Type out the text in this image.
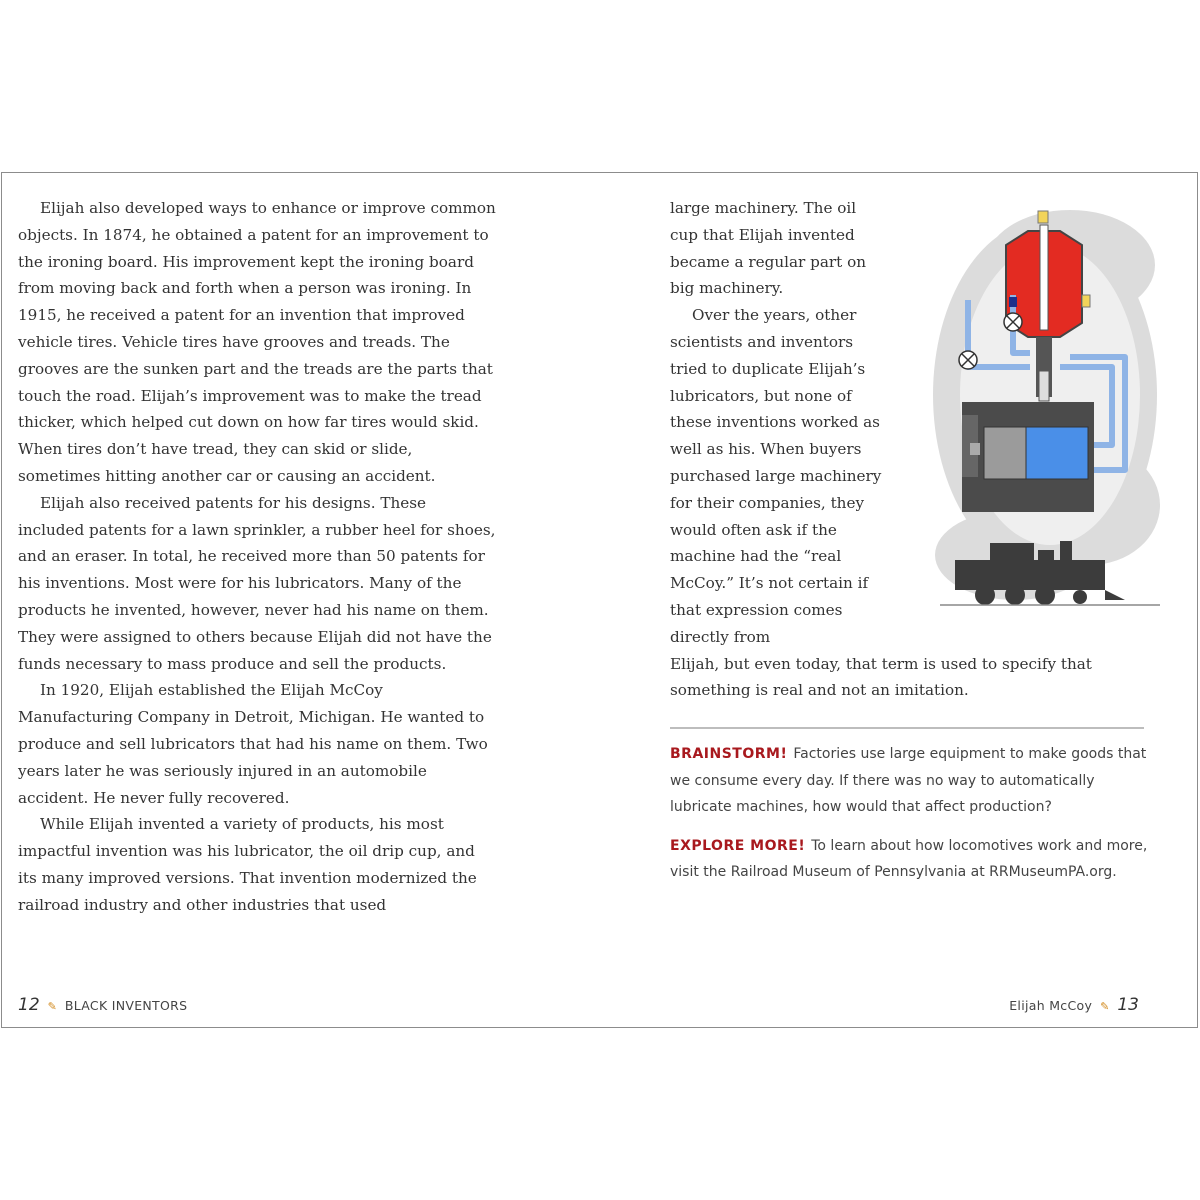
Elijah also developed ways to enhance or improve common objects. In 1874, he obtained a patent for an improvement to the ironing board. His improvement kept the ironing board from moving back and forth when a person was ironing. In 1915, he received a patent for an invention that improved vehicle tires. Vehicle tires have grooves and treads. The grooves are the sunken part and the treads are the parts that touch the road. Elijah’s improvement was to make the tread thicker, which helped cut down on how far tires would skid. When tires don’t have tread, they can skid or slide, sometimes hitting another car or causing an accident.

Elijah also received patents for his designs. These included patents for a lawn sprinkler, a rubber heel for shoes, and an eraser. In total, he received more than 50 patents for his inventions. Most were for his lubricators. Many of the products he invented, however, never had his name on them. They were assigned to others because Elijah did not have the funds necessary to mass produce and sell the products.

In 1920, Elijah established the Elijah McCoy Manufacturing Company in Detroit, Michigan. He wanted to produce and sell lubricators that had his name on them. Two years later he was seriously injured in an automobile accident. He never fully recovered.

While Elijah invented a variety of products, his most impactful invention was his lubricator, the oil drip cup, and its many improved versions. That invention modernized the railroad industry and other industries that used

large machinery. The oil cup that Elijah invented became a regular part on big machinery.

Over the years, other scientists and inventors tried to duplicate Elijah’s lubricators, but none of these inventions worked as well as his. When buyers purchased large machinery for their companies, they would often ask if the machine had the “real McCoy.” It’s not certain if that expression comes directly from

Elijah, but even today, that term is used to specify that something is real and not an imitation.

BRAINSTORM! Factories use large equipment to make goods that we consume every day. If there was no way to automatically lubricate machines, how would that affect production?

EXPLORE MORE! To learn about how locomotives work and more, visit the Railroad Museum of Pennsylvania at RRMuseumPA.org.

12 ✎ BLACK INVENTORS	Elijah McCoy ✎ 13
